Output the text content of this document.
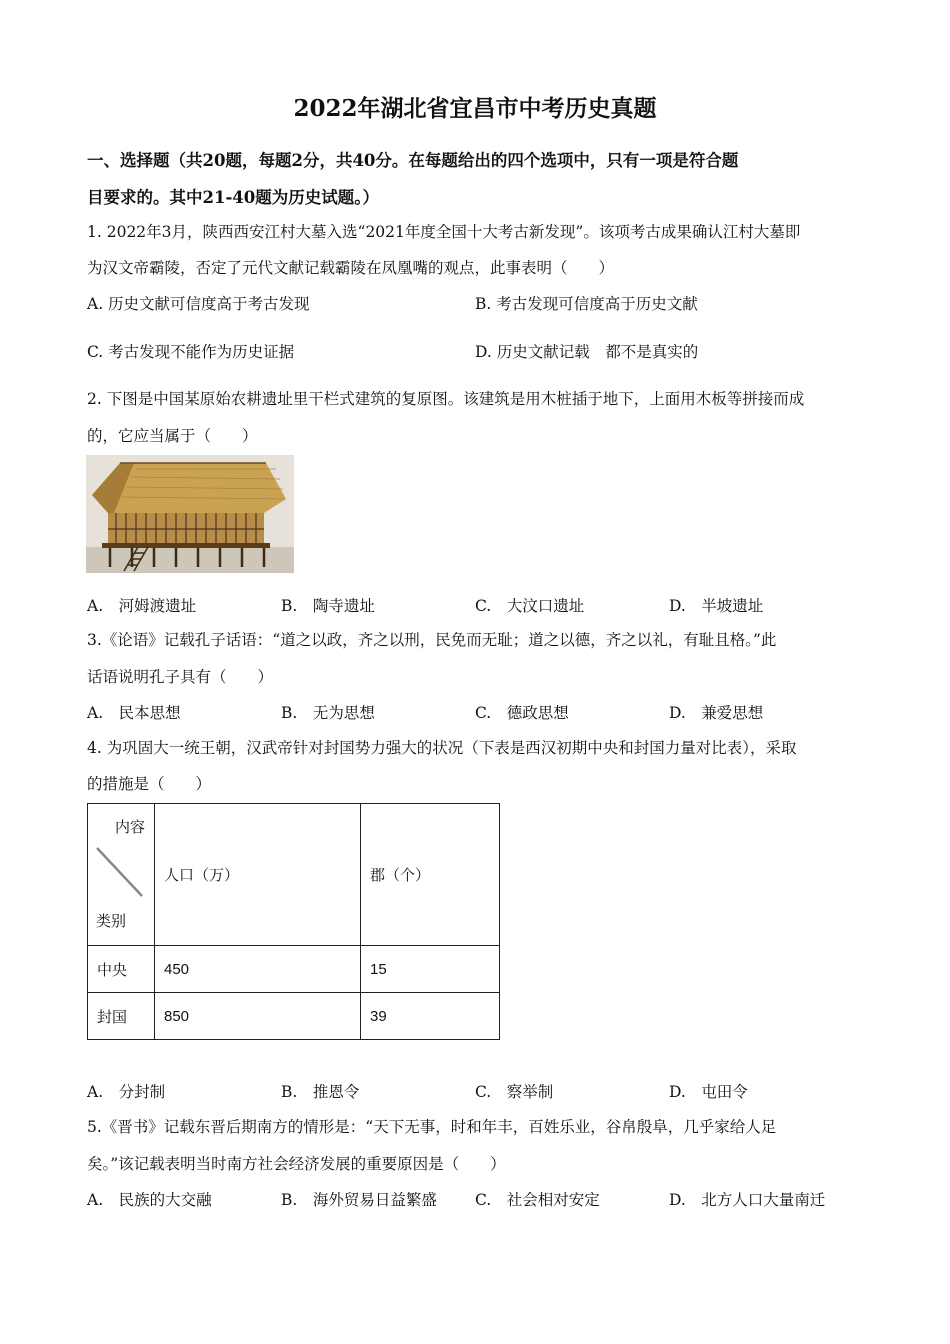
2022年湖北省宜昌市中考历史真题
一、选择题（共20题，每题2分，共40分。在每题给出的四个选项中，只有一项是符合题
目要求的。其中21-40题为历史试题。）
1. 2022年3月，陕西西安江村大墓入选“2021年度全国十大考古新发现”。该项考古成果确认江村大墓即
为汉文帝霸陵，否定了元代文献记载霸陵在凤凰嘴的观点，此事表明（　　）
A. 历史文献可信度高于考古发现	B. 考古发现可信度高于历史文献
C. 考古发现不能作为历史证据	D. 历史文献记载　都不是真实的
2. 下图是中国某原始农耕遗址里干栏式建筑的复原图。该建筑是用木桩插于地下，上面用木板等拼接而成
的，它应当属于（　　）
A.　河姆渡遗址	B.　陶寺遗址	C.　大汶口遗址	D.　半坡遗址
3.《论语》记载孔子话语：“道之以政，齐之以刑，民免而无耻；道之以德，齐之以礼，有耻且格。”此
话语说明孔子具有（　　）
A.　民本思想	B.　无为思想	C.　德政思想	D.　兼爱思想
4. 为巩固大一统王朝，汉武帝针对封国势力强大的状况（下表是西汉初期中央和封国力量对比表），采取
的措施是（　　）
内容
类别	人口（万）	郡（个）
中央	450	15
封国	850	39
A.　分封制	B.　推恩令	C.　察举制	D.　屯田令
5.《晋书》记载东晋后期南方的情形是：“天下无事，时和年丰，百姓乐业，谷帛殷阜，几乎家给人足
矣。”该记载表明当时南方社会经济发展的重要原因是（　　）
A.　民族的大交融	B.　海外贸易日益繁盛 C.　社会相对安定	D.　北方人口大量南迁
